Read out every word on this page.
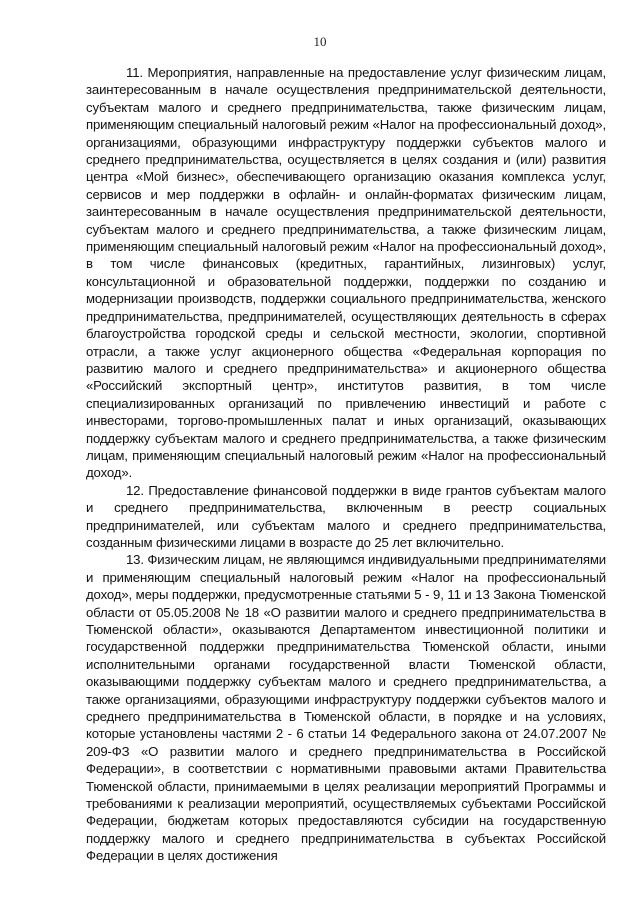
10

11. Мероприятия, направленные на предоставление услуг физическим лицам, заинтересованным в начале осуществления предпринимательской деятельности, субъектам малого и среднего предпринимательства, также физическим лицам, применяющим специальный налоговый режим «Налог на профессиональный доход», организациями, образующими инфраструктуру поддержки субъектов малого и среднего предпринимательства, осуществляется в целях создания и (или) развития центра «Мой бизнес», обеспечивающего организацию оказания комплекса услуг, сервисов и мер поддержки в офлайн- и онлайн-форматах физическим лицам, заинтересованным в начале осуществления предпринимательской деятельности, субъектам малого и среднего предпринимательства, а также физическим лицам, применяющим специальный налоговый режим «Налог на профессиональный доход», в том числе финансовых (кредитных, гарантийных, лизинговых) услуг, консультационной и образовательной поддержки, поддержки по созданию и модернизации производств, поддержки социального предпринимательства, женского предпринимательства, предпринимателей, осуществляющих деятельность в сферах благоустройства городской среды и сельской местности, экологии, спортивной отрасли, а также услуг акционерного общества «Федеральная корпорация по развитию малого и среднего предпринимательства» и акционерного общества «Российский экспортный центр», институтов развития, в том числе специализированных организаций по привлечению инвестиций и работе с инвесторами, торгово-промышленных палат и иных организаций, оказывающих поддержку субъектам малого и среднего предпринимательства, а также физическим лицам, применяющим специальный налоговый режим «Налог на профессиональный доход».

12. Предоставление финансовой поддержки в виде грантов субъектам малого и среднего предпринимательства, включенным в реестр социальных предпринимателей, или субъектам малого и среднего предпринимательства, созданным физическими лицами в возрасте до 25 лет включительно.

13. Физическим лицам, не являющимся индивидуальными предпринимателями и применяющим специальный налоговый режим «Налог на профессиональный доход», меры поддержки, предусмотренные статьями 5 - 9, 11 и 13 Закона Тюменской области от 05.05.2008 № 18 «О развитии малого и среднего предпринимательства в Тюменской области», оказываются Департаментом инвестиционной политики и государственной поддержки предпринимательства Тюменской области, иными исполнительными органами государственной власти Тюменской области, оказывающими поддержку субъектам малого и среднего предпринимательства, а также организациями, образующими инфраструктуру поддержки субъектов малого и среднего предпринимательства в Тюменской области, в порядке и на условиях, которые установлены частями 2 - 6 статьи 14 Федерального закона от 24.07.2007 № 209-ФЗ «О развитии малого и среднего предпринимательства в Российской Федерации», в соответствии с нормативными правовыми актами Правительства Тюменской области, принимаемыми в целях реализации мероприятий Программы и требованиями к реализации мероприятий, осуществляемых субъектами Российской Федерации, бюджетам которых предоставляются субсидии на государственную поддержку малого и среднего предпринимательства в субъектах Российской Федерации в целях достижения
